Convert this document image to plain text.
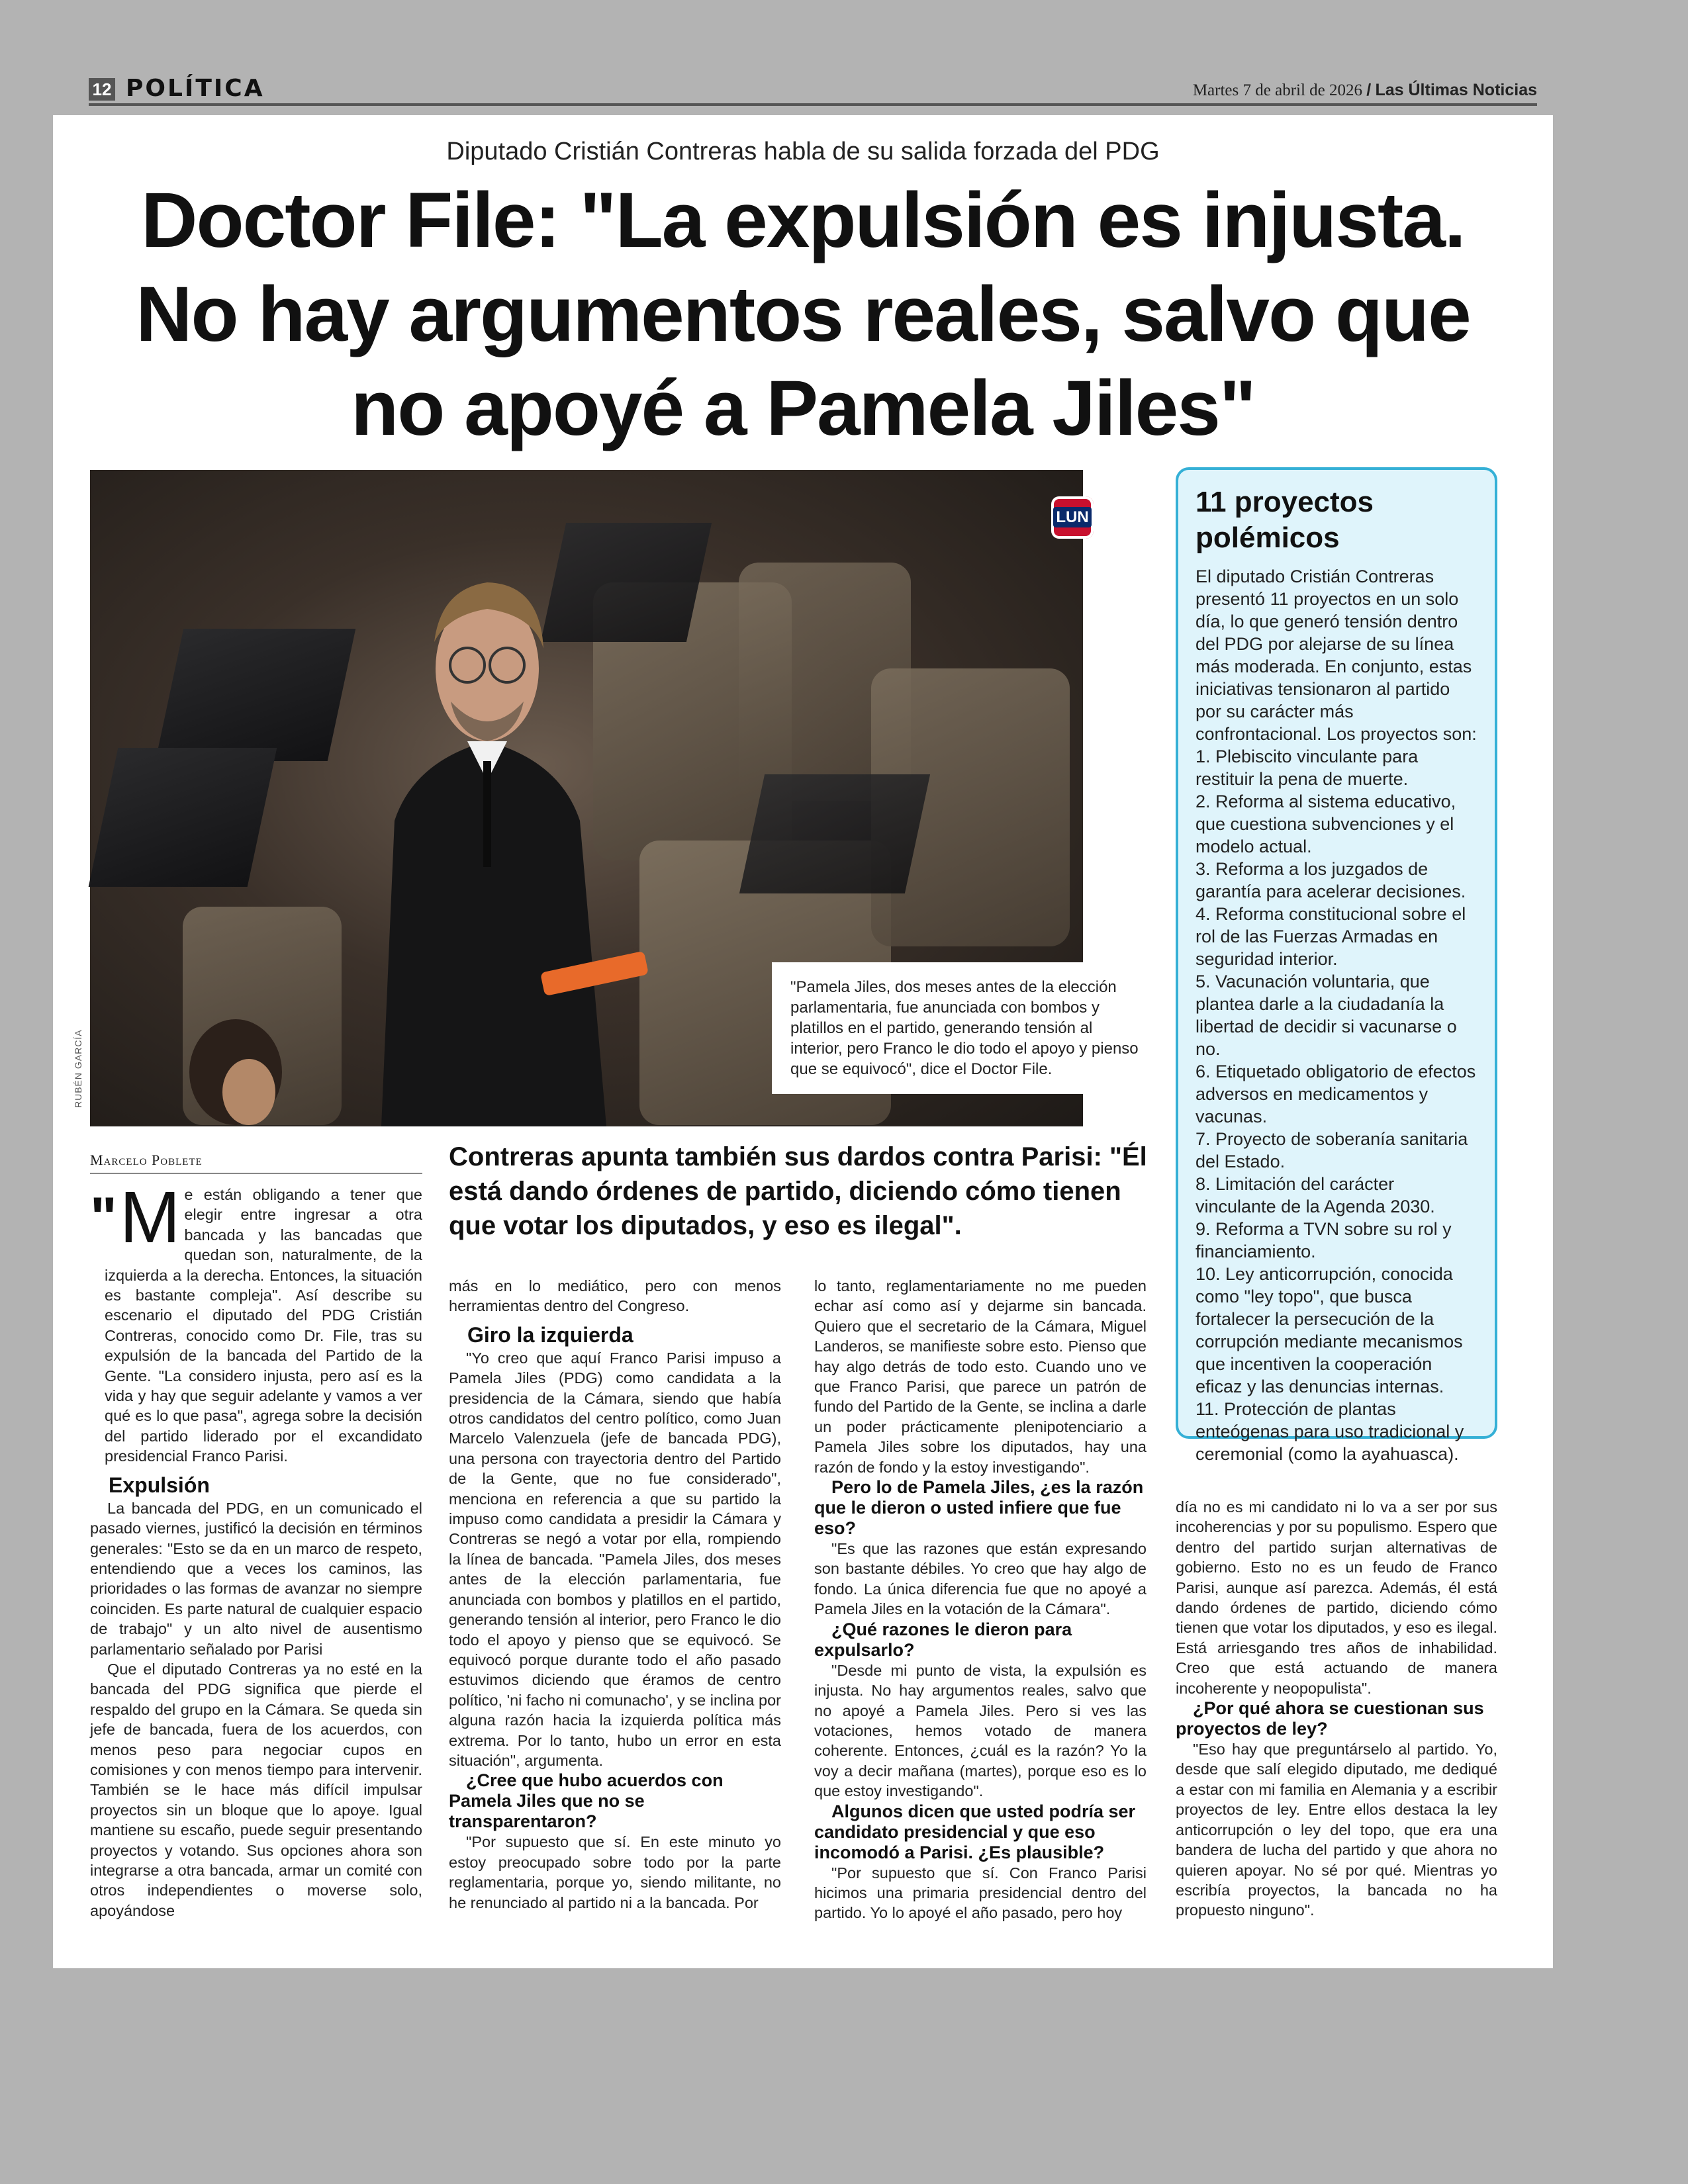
12 POLÍTICA	Martes 7 de abril de 2026 / Las Últimas Noticias
Diputado Cristián Contreras habla de su salida forzada del PDG
Doctor File: "La expulsión es injusta.
No hay argumentos reales, salvo que
no apoyé a Pamela Jiles"
LUN
"Pamela Jiles, dos meses antes de la elección parlamentaria, fue anunciada con bombos y platillos en el partido, generando tensión al interior, pero Franco le dio todo el apoyo y pienso que se equivocó", dice el Doctor File.
RUBÉN GARCÍA
11 proyectos polémicos

El diputado Cristián Contreras presentó 11 proyectos en un solo día, lo que generó tensión dentro del PDG por alejarse de su línea más moderada. En conjunto, estas iniciativas tensionaron al partido por su carácter más confrontacional. Los proyectos son:

1. Plebiscito vinculante para restituir la pena de muerte.
2. Reforma al sistema educativo, que cuestiona subvenciones y el modelo actual.
3. Reforma a los juzgados de garantía para acelerar decisiones.
4. Reforma constitucional sobre el rol de las Fuerzas Armadas en seguridad interior.
5. Vacunación voluntaria, que plantea darle a la ciudadanía la libertad de decidir si vacunarse o no.
6. Etiquetado obligatorio de efectos adversos en medicamentos y vacunas.
7. Proyecto de soberanía sanitaria del Estado.
8. Limitación del carácter vinculante de la Agenda 2030.
9. Reforma a TVN sobre su rol y financiamiento.
10. Ley anticorrupción, conocida como "ley topo", que busca fortalecer la persecución de la corrupción mediante mecanismos que incentiven la cooperación eficaz y las denuncias internas.
11. Protección de plantas enteógenas para uso tradicional y ceremonial (como la ayahuasca).
Marcelo Poblete	Contreras apunta también sus dardos contra Parisi: "Él está dando órdenes de partido, diciendo cómo tienen que votar los diputados, y eso es ilegal".

"M e están obligando a tener que elegir entre ingresar a otra bancada y las bancadas que quedan son, naturalmente, de la izquierda a la derecha. Entonces, la situación es bastante compleja". Así describe su escenario el diputado del PDG Cristián Contreras, conocido como Dr. File, tras su expulsión de la bancada del Partido de la Gente. "La considero injusta, pero así es la vida y hay que seguir adelante y vamos a ver qué es lo que pasa", agrega sobre la decisión del partido liderado por el excandidato presidencial Franco Parisi.

Expulsión

La bancada del PDG, en un comunicado el pasado viernes, justificó la decisión en términos generales: "Esto se da en un marco de respeto, entendiendo que a veces los caminos, las prioridades o las formas de avanzar no siempre coinciden. Es parte natural de cualquier espacio de trabajo" y un alto nivel de ausentismo parlamentario señalado por Parisi

Que el diputado Contreras ya no esté en la bancada del PDG significa que pierde el respaldo del grupo en la Cámara. Se queda sin jefe de bancada, fuera de los acuerdos, con menos peso para negociar cupos en comisiones y con menos tiempo para intervenir. También se le hace más difícil impulsar proyectos sin un bloque que lo apoye. Igual mantiene su escaño, puede seguir presentando proyectos y votando. Sus opciones ahora son integrarse a otra bancada, armar un comité con otros independientes o moverse solo, apoyándose

más en lo mediático, pero con menos herramientas dentro del Congreso.

Giro la izquierda

"Yo creo que aquí Franco Parisi impuso a Pamela Jiles (PDG) como candidata a la presidencia de la Cámara, siendo que había otros candidatos del centro político, como Juan Marcelo Valenzuela (jefe de bancada PDG), una persona con trayectoria dentro del Partido de la Gente, que no fue considerado", menciona en referencia a que su partido la impuso como candidata a presidir la Cámara y Contreras se negó a votar por ella, rompiendo la línea de bancada. "Pamela Jiles, dos meses antes de la elección parlamentaria, fue anunciada con bombos y platillos en el partido, generando tensión al interior, pero Franco le dio todo el apoyo y pienso que se equivocó. Se equivocó porque durante todo el año pasado estuvimos diciendo que éramos de centro político, 'ni facho ni comunacho', y se inclina por alguna razón hacia la izquierda política más extrema. Por lo tanto, hubo un error en esta situación", argumenta.

¿Cree que hubo acuerdos con Pamela Jiles que no se transparentaron?

"Por supuesto que sí. En este minuto yo estoy preocupado sobre todo por la parte reglamentaria, porque yo, siendo militante, no he renunciado al partido ni a la bancada. Por

lo tanto, reglamentariamente no me pueden echar así como así y dejarme sin bancada. Quiero que el secretario de la Cámara, Miguel Landeros, se manifieste sobre esto. Pienso que hay algo detrás de todo esto. Cuando uno ve que Franco Parisi, que parece un patrón de fundo del Partido de la Gente, se inclina a darle un poder prácticamente plenipotenciario a Pamela Jiles sobre los diputados, hay una razón de fondo y la estoy investigando".

Pero lo de Pamela Jiles, ¿es la razón que le dieron o usted infiere que fue eso?

"Es que las razones que están expresando son bastante débiles. Yo creo que hay algo de fondo. La única diferencia fue que no apoyé a Pamela Jiles en la votación de la Cámara".

¿Qué razones le dieron para expulsarlo?

"Desde mi punto de vista, la expulsión es injusta. No hay argumentos reales, salvo que no apoyé a Pamela Jiles. Pero si ves las votaciones, hemos votado de manera coherente. Entonces, ¿cuál es la razón? Yo la voy a decir mañana (martes), porque eso es lo que estoy investigando".

Algunos dicen que usted podría ser candidato presidencial y que eso incomodó a Parisi. ¿Es plausible?

"Por supuesto que sí. Con Franco Parisi hicimos una primaria presidencial dentro del partido. Yo lo apoyé el año pasado, pero hoy

día no es mi candidato ni lo va a ser por sus incoherencias y por su populismo. Espero que dentro del partido surjan alternativas de gobierno. Esto no es un feudo de Franco Parisi, aunque así parezca. Además, él está dando órdenes de partido, diciendo cómo tienen que votar los diputados, y eso es ilegal. Está arriesgando tres años de inhabilidad. Creo que está actuando de manera incoherente y neopopulista".

¿Por qué ahora se cuestionan sus proyectos de ley?

"Eso hay que preguntárselo al partido. Yo, desde que salí elegido diputado, me dediqué a estar con mi familia en Alemania y a escribir proyectos de ley. Entre ellos destaca la ley anticorrupción o ley del topo, que era una bandera de lucha del partido y que ahora no quieren apoyar. No sé por qué. Mientras yo escribía proyectos, la bancada no ha propuesto ninguno".
